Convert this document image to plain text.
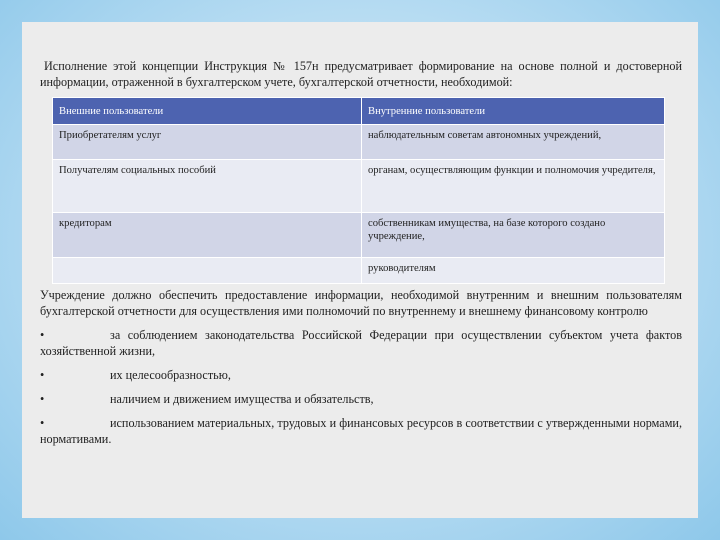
Исполнение этой концепции Инструкция № 157н предусматривает формирование на основе полной и достоверной информации, отраженной в бухгалтерском учете, бухгалтерской отчетности, необходимой:

Внешние пользователи	Внутренние пользователи
Приобретателям услуг	наблюдательным советам автономных учреждений,
Получателям социальных пособий	органам, осуществляющим функции и полномочия учредителя,
кредиторам	собственникам имущества, на базе которого создано учреждение,
	руководителям

Учреждение должно обеспечить предоставление информации, необходимой внутренним и внешним пользователям бухгалтерской отчетности для осуществления ими полномочий по внутреннему и внешнему финансовому контролю

•	за соблюдением законодательства Российской Федерации при осуществлении субъектом учета фактов хозяйственной жизни,

•	их целесообразностью,

•	наличием и движением имущества и обязательств,

•	использованием материальных, трудовых и финансовых ресурсов в соответствии с утвержденными нормами, нормативами.
